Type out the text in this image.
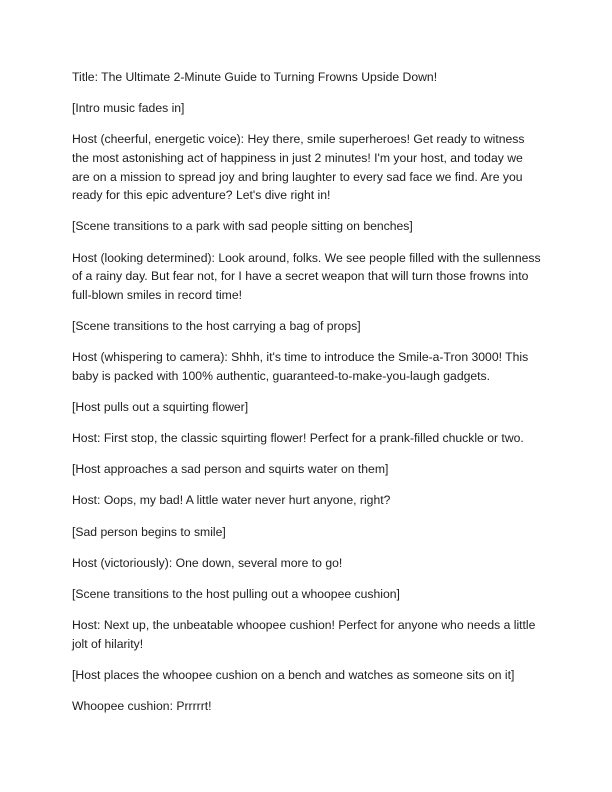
Title: The Ultimate 2-Minute Guide to Turning Frowns Upside Down!

[Intro music fades in]

Host (cheerful, energetic voice): Hey there, smile superheroes! Get ready to witness the most astonishing act of happiness in just 2 minutes! I'm your host, and today we are on a mission to spread joy and bring laughter to every sad face we find. Are you ready for this epic adventure? Let's dive right in!

[Scene transitions to a park with sad people sitting on benches]

Host (looking determined): Look around, folks. We see people filled with the sullenness of a rainy day. But fear not, for I have a secret weapon that will turn those frowns into full-blown smiles in record time!

[Scene transitions to the host carrying a bag of props]

Host (whispering to camera): Shhh, it's time to introduce the Smile-a-Tron 3000! This baby is packed with 100% authentic, guaranteed-to-make-you-laugh gadgets.

[Host pulls out a squirting flower]

Host: First stop, the classic squirting flower! Perfect for a prank-filled chuckle or two.

[Host approaches a sad person and squirts water on them]

Host: Oops, my bad! A little water never hurt anyone, right?

[Sad person begins to smile]

Host (victoriously): One down, several more to go!

[Scene transitions to the host pulling out a whoopee cushion]

Host: Next up, the unbeatable whoopee cushion! Perfect for anyone who needs a little jolt of hilarity!

[Host places the whoopee cushion on a bench and watches as someone sits on it]

Whoopee cushion: Prrrrrt!
